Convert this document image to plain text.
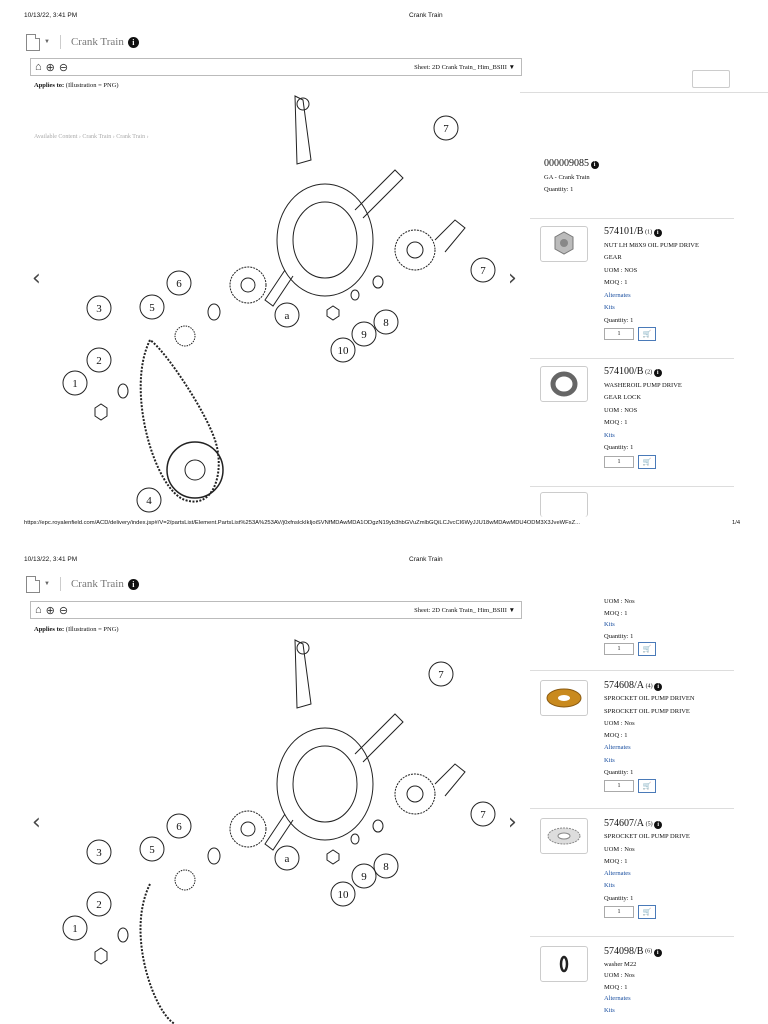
10/13/22, 3:41 PM	Crank Train
▼ Crank Train	i
⌂ ⊕ ⊖	Sheet: 2D Crank Train_ Him_BSIII ▼
Applies to: (Illustration = PNG)
Available Content › Crank Train › Crank Train ›
‹	›
7
7
6
a
5
3
2
1
4
8
9
10
000009085 i
GA - Crank Train
Quantity: 1
574101/B (1) i
NUT LH M8X9 OIL PUMP DRIVE
GEAR
UOM : NOS
MOQ : 1
Alternates
Kits
Quantity: 1
1	🛒
574100/B (2) i
WASHEROIL PUMP DRIVE
GEAR LOCK
UOM : NOS
MOQ : 1
Kits
Quantity: 1
1	🛒
https://epc.royalenfield.com/ACD/delivery/index.jsp#/V=2/partsList/Element.PartsList%253A%253AV/j0xfnslckIkIjoiSVNfMDAwMDA1ODgzN19yb3hbGVuZmlbGQiLCJvcCI6WyJJU18wMDAwMDU4ODM3X3JveWFsZ...	1/4
10/13/22, 3:41 PM	Crank Train
▼ Crank Train	i
⌂ ⊕ ⊖	Sheet: 2D Crank Train_ Him_BSIII ▼
Applies to: (Illustration = PNG)
‹	›
7
7
6
a
5
3
2
1
8
9
10
UOM : Nos
MOQ : 1
Kits
Quantity: 1
1	🛒
574608/A (4) i
SPROCKET OIL PUMP DRIVEN
SPROCKET OIL PUMP DRIVE
UOM : Nos
MOQ : 1
Alternates
Kits
Quantity: 1
1	🛒
574607/A (5) i
SPROCKET OIL PUMP DRIVE
UOM : Nos
MOQ : 1
Alternates
Kits
Quantity: 1
1	🛒
574098/B (6) i
washer M22
UOM : Nos
MOQ : 1
Alternates
Kits
